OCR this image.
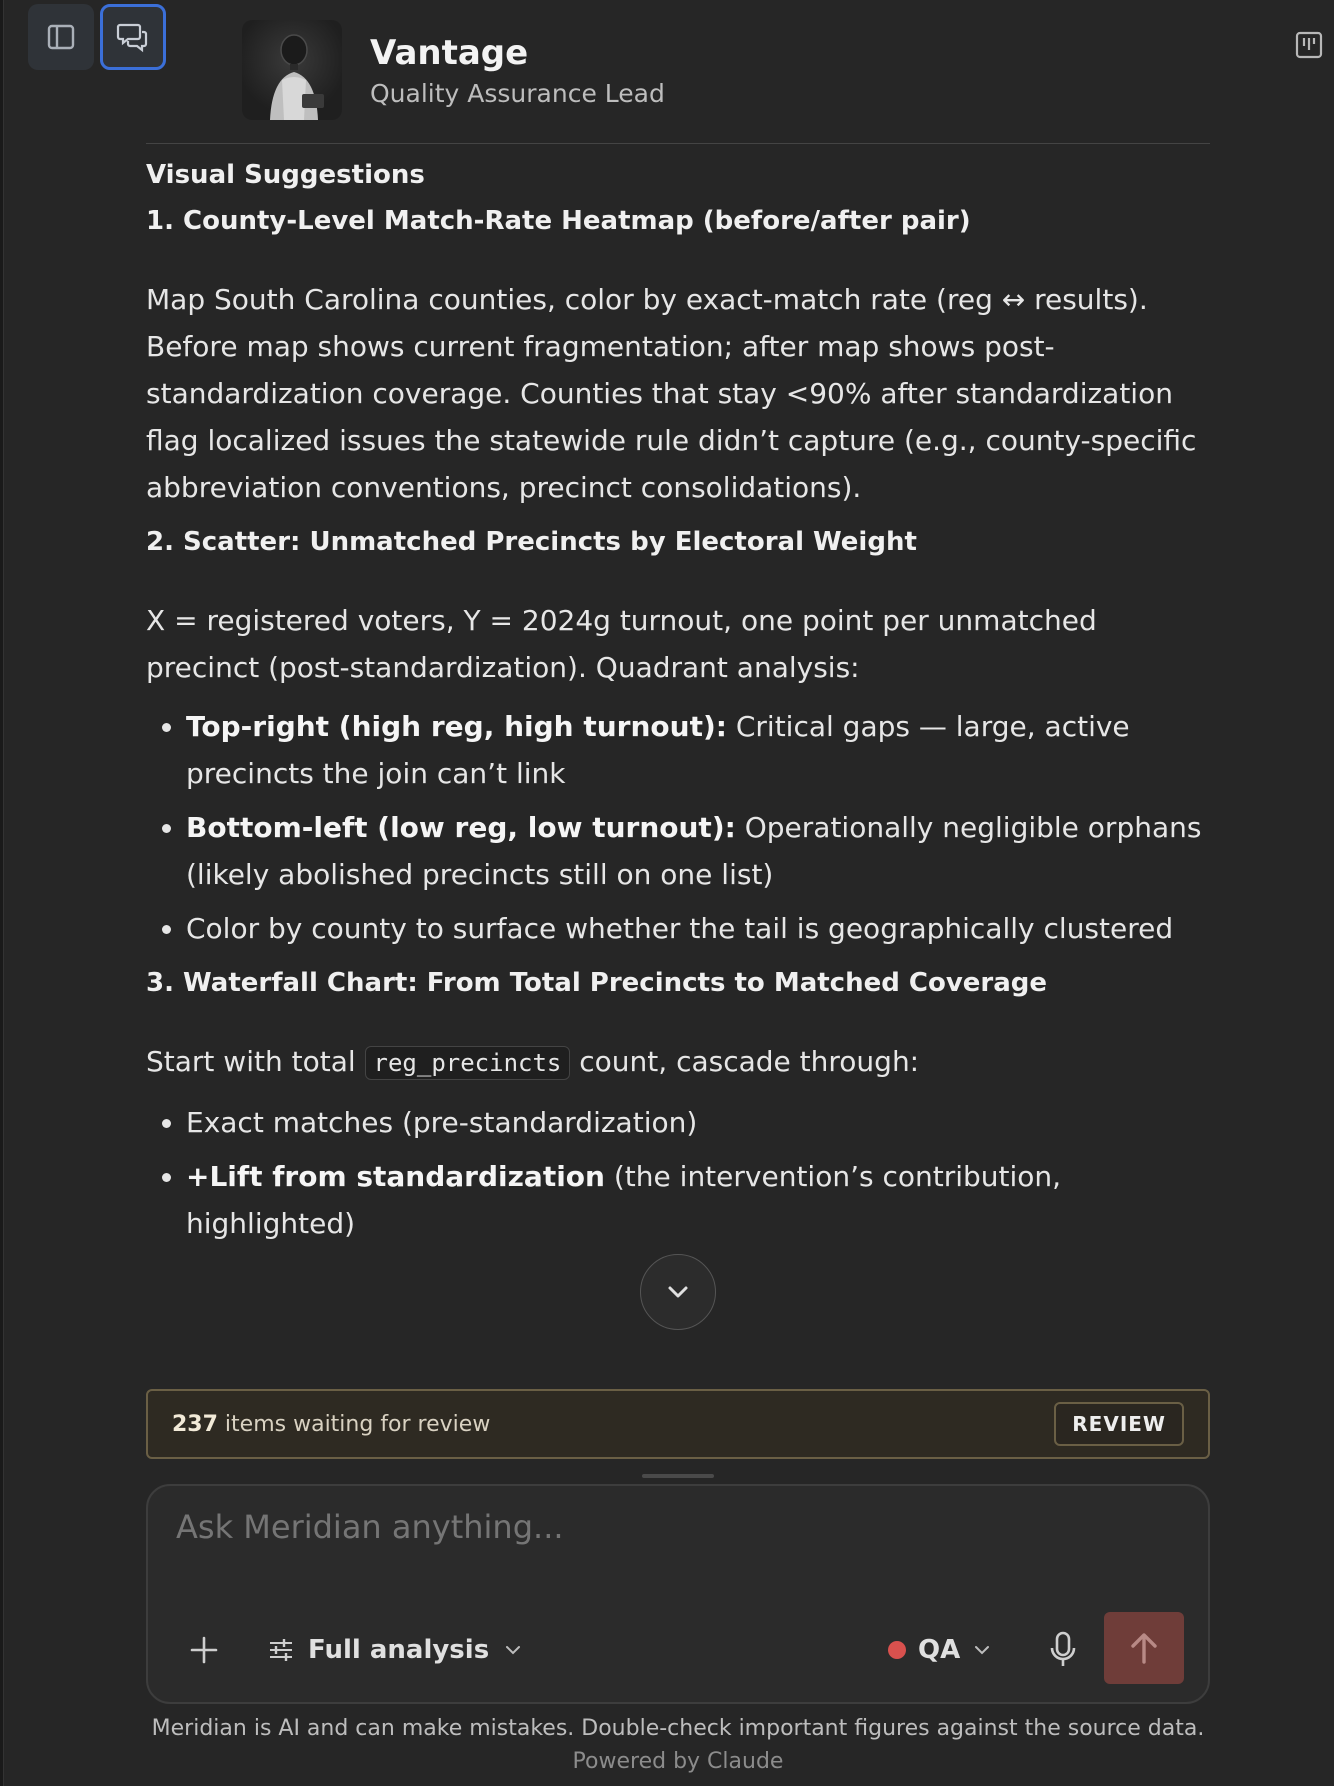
Vantage
Quality Assurance Lead
Visual Suggestions
1. County-Level Match-Rate Heatmap (before/after pair)

Map South Carolina counties, color by exact-match rate (reg ↔ results). Before map shows current fragmentation; after map shows post-standardization coverage. Counties that stay <90% after standardization flag localized issues the statewide rule didn’t capture (e.g., county-specific abbreviation conventions, precinct consolidations).

2. Scatter: Unmatched Precincts by Electoral Weight

X = registered voters, Y = 2024g turnout, one point per unmatched precinct (post-standardization). Quadrant analysis:

• Top-right (high reg, high turnout): Critical gaps — large, active precincts the join can’t link
• Bottom-left (low reg, low turnout): Operationally negligible orphans (likely abolished precincts still on one list)
• Color by county to surface whether the tail is geographically clustered
3. Waterfall Chart: From Total Precincts to Matched Coverage

Start with total reg_precincts count, cascade through:

• Exact matches (pre-standardization)
• +Lift from standardization (the intervention’s contribution, highlighted)
237 items waiting for review	REVIEW
Ask Meridian anything...
Full analysis	QA
Meridian is AI and can make mistakes. Double-check important figures against the source data.
Powered by Claude
